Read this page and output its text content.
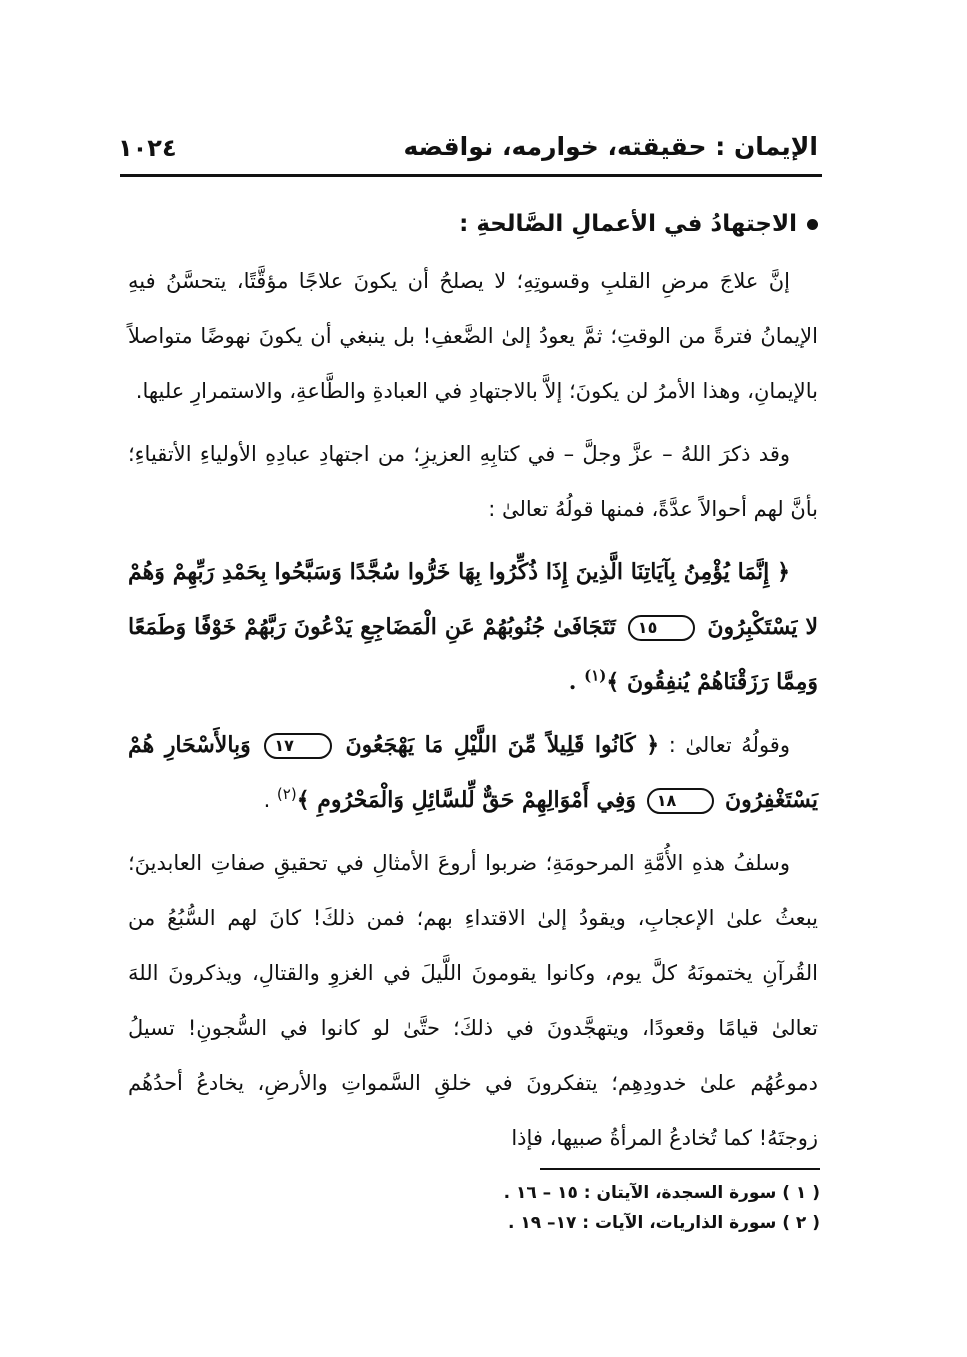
الإيمان : حقيقته، خوارمه، نواقضه
١٠٢٤
الاجتهادُ في الأعمالِ الصَّالحةِ :

إنَّ علاجَ مرضِ القلبِ وقسوتِهِ؛ لا يصلحُ أن يكونَ علاجًا مؤقَّتًا، يتحسَّنُ فيهِ الإيمانُ فترةً من الوقتِ؛ ثمَّ يعودُ إلىٰ الضَّعفِ! بل ينبغي أن يكونَ نهوضًا متواصلاً بالإيمانِ، وهذا الأمرُ لن يكونَ؛ إلاَّ بالاجتهادِ في العبادةِ والطَّاعةِ، والاستمرارِ عليها.

وقد ذكرَ اللهُ – عزَّ وجلَّ – في كتابِهِ العزيزِ؛ من اجتهادِ عبادِهِ الأولياءِ الأتقياءِ؛ بأنَّ لهم أحوالاً عدَّةً، فمنها قولُهُ تعالىٰ :

﴿ إِنَّمَا يُؤْمِنُ بِآيَاتِنَا الَّذِينَ إِذَا ذُكِّرُوا بِهَا خَرُّوا سُجَّدًا وَسَبَّحُوا بِحَمْدِ رَبِّهِمْ وَهُمْ لا يَسْتَكْبِرُونَ ١٥ تَتَجَافَىٰ جُنُوبُهُمْ عَنِ الْمَضَاجِعِ يَدْعُونَ رَبَّهُمْ خَوْفًا وَطَمَعًا وَمِمَّا رَزَقْنَاهُمْ يُنفِقُونَ ﴾$^{(١)}$ .

وقولُهُ تعالىٰ : ﴿ كَانُوا قَلِيلاً مِّنَ اللَّيْلِ مَا يَهْجَعُونَ ١٧ وَبِالأَسْحَارِ هُمْ يَسْتَغْفِرُونَ ١٨ وَفِي أَمْوَالِهِمْ حَقٌّ لِّلسَّائِلِ وَالْمَحْرُومِ ﴾$^{(٢)}$ .

وسلفُ هذهِ الأُمَّةِ المرحومَةِ؛ ضربوا أروعَ الأمثالِ في تحقيقِ صفاتِ العابدينَ؛ يبعثُ علىٰ الإعجابِ، ويقودُ إلىٰ الاقتداءِ بهم؛ فمن ذلكَ! كانَ لهم السُّبُعُ من القُرآنِ يختمونَهُ كلَّ يوم، وكانوا يقومونَ اللَّيلَ في الغزوِ والقتالِ، ويذكرونَ اللهَ تعالىٰ قيامًا وقعودًا، ويتهجَّدونَ في ذلكَ؛ حتَّىٰ لو كانوا في السُّجونِ! تسيلُ دموعُهُم علىٰ خدودِهِم؛ يتفكرونَ في خلقِ السَّمواتِ والأرضِ، يخادعُ أحدُهُم زوجتَهُ! كما تُخادعُ المرأةُ صبيها، فإذا

( ١ ) سورة السجدة، الآيتان : ١٥ – ١٦ .

( ٢ ) سورة الذاريات، الآيات : ١٧– ١٩ .
